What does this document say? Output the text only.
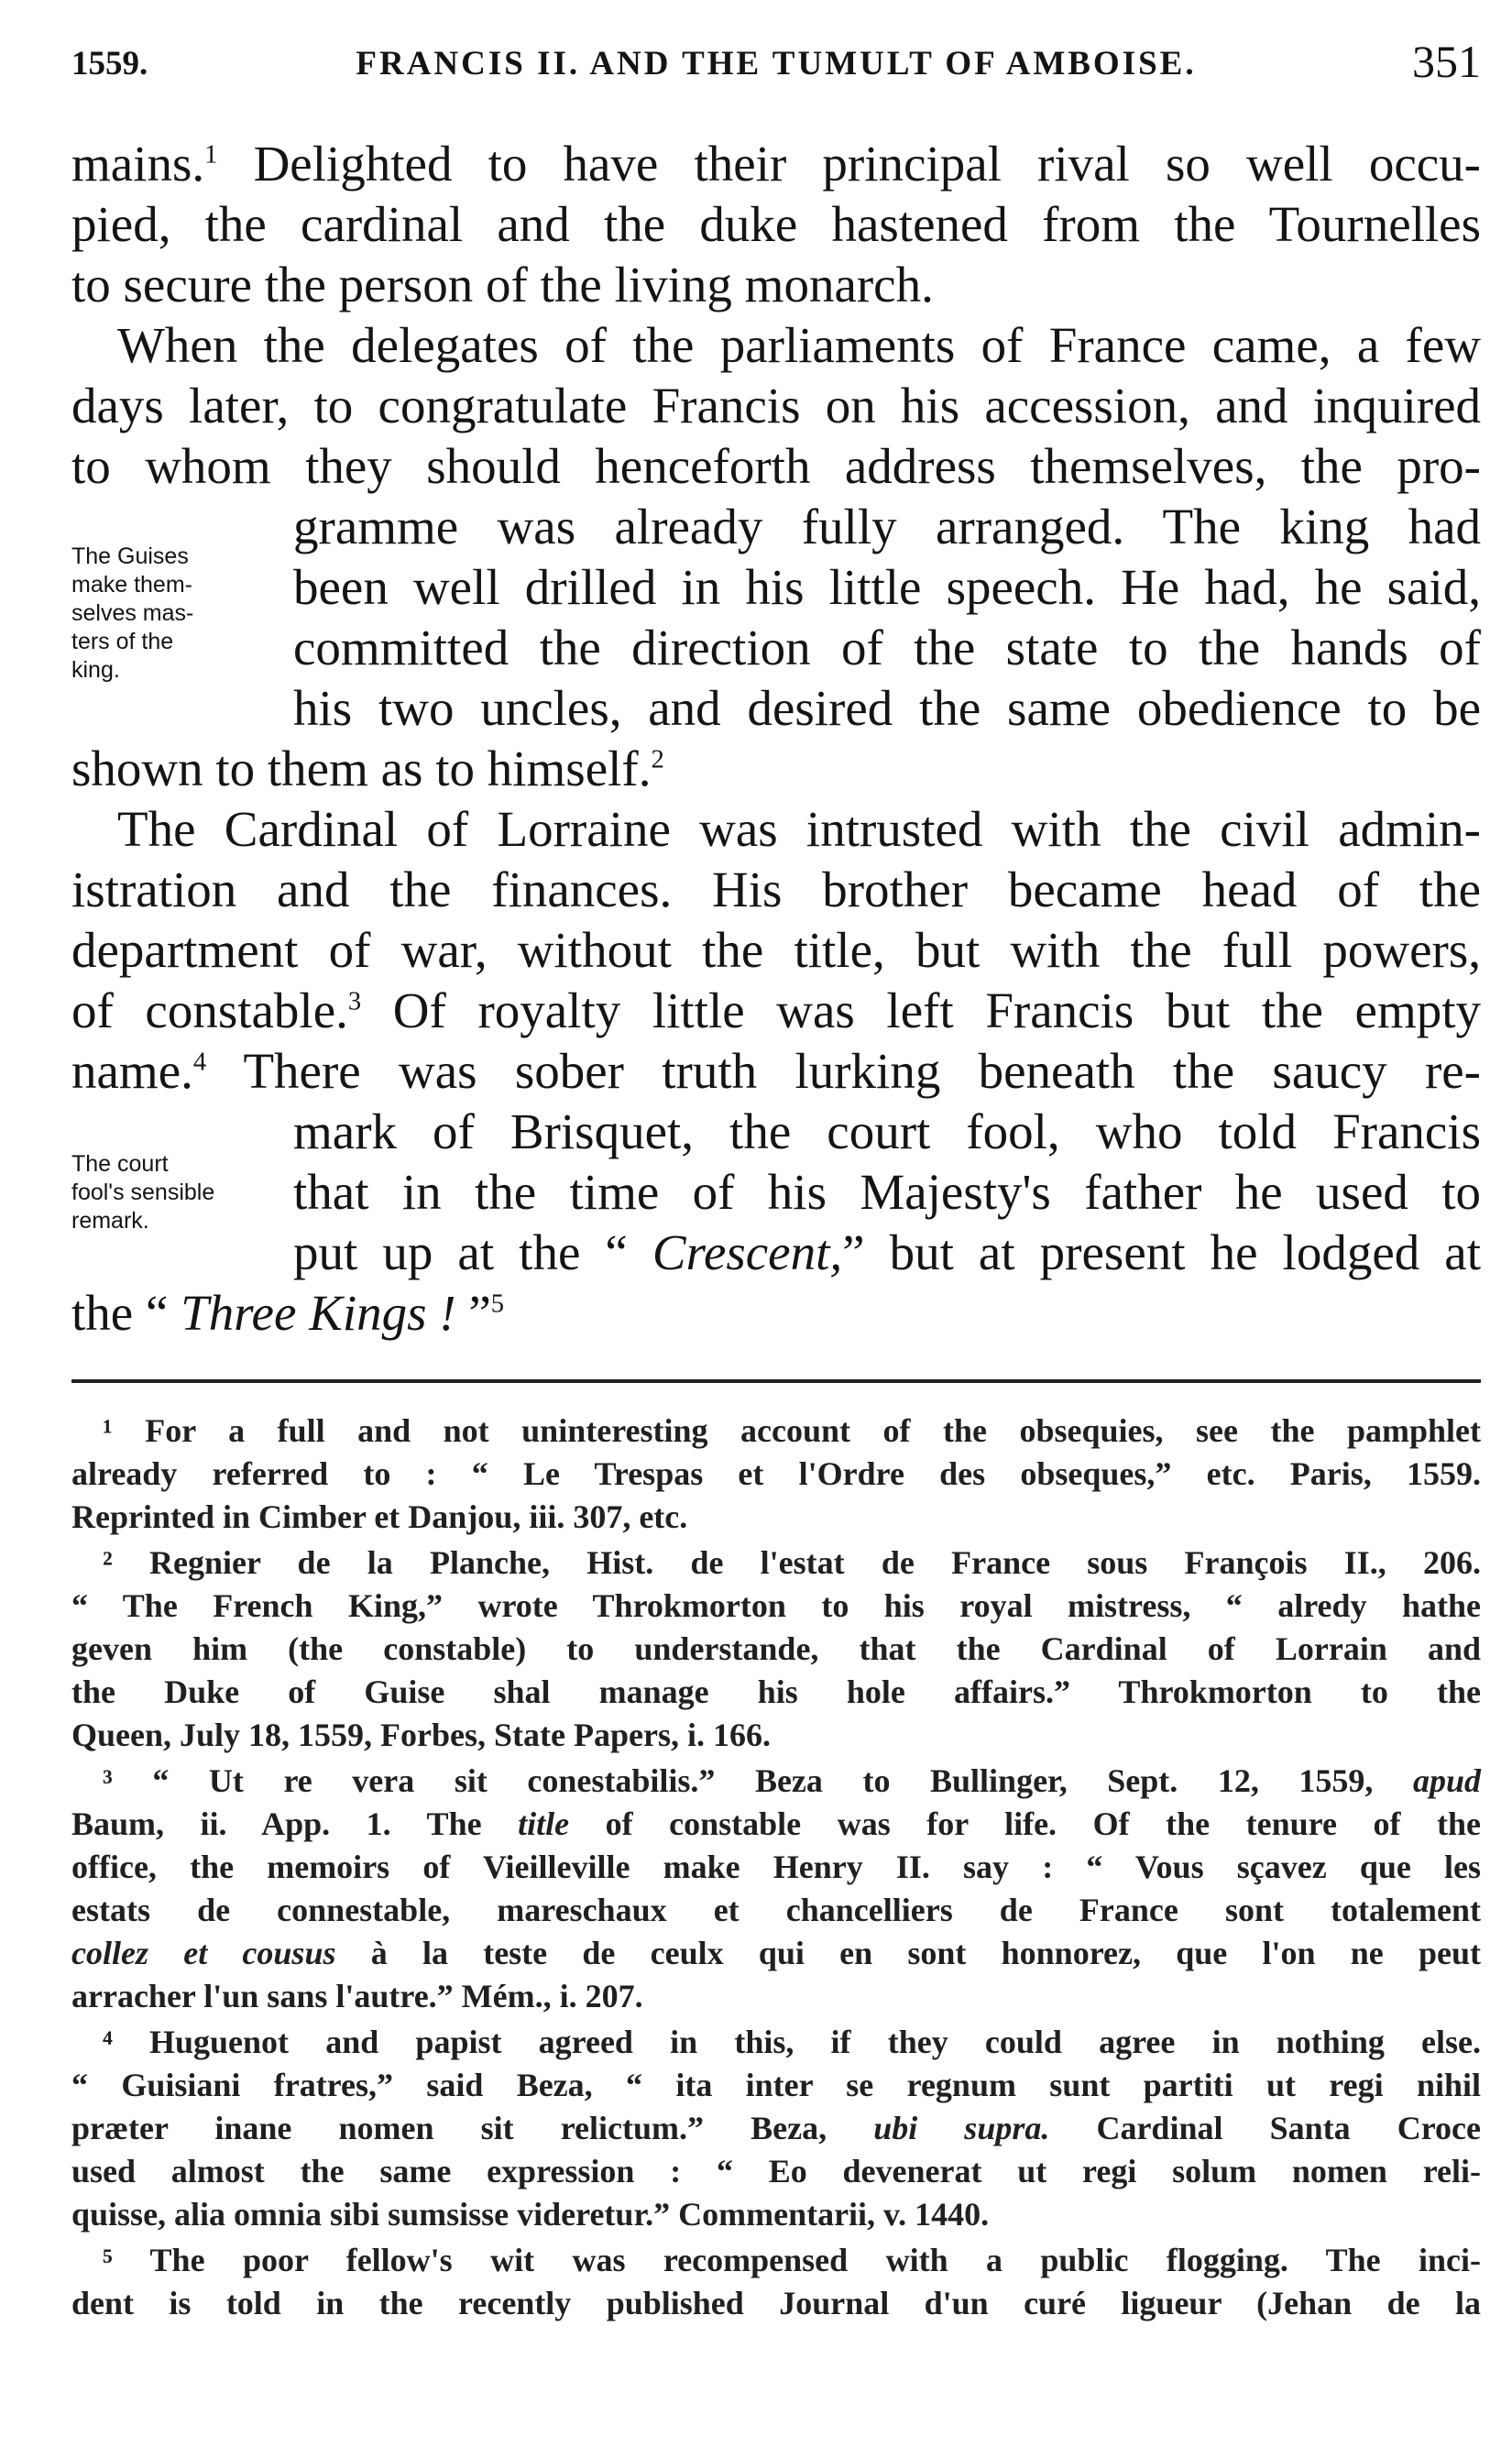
1559.	FRANCIS II. AND THE TUMULT OF AMBOISE.	351

mains.$^1$ Delighted to have their principal rival so well occu-

pied, the cardinal and the duke hastened from the Tournelles

to secure the person of the living monarch.

When the delegates of the parliaments of France came, a few

days later, to congratulate Francis on his accession, and inquired

to whom they should henceforth address themselves, the pro-

gramme was already fully arranged. The king had

been well drilled in his little speech. He had, he said,

committed the direction of the state to the hands of

his two uncles, and desired the same obedience to be

shown to them as to himself.$^2$

The Cardinal of Lorraine was intrusted with the civil admin-

istration and the finances. His brother became head of the

department of war, without the title, but with the full powers,

of constable.$^3$ Of royalty little was left Francis but the empty

name.$^4$ There was sober truth lurking beneath the saucy re-

mark of Brisquet, the court fool, who told Francis

that in the time of his Majesty's father he used to

put up at the “ Crescent,” but at present he lodged at

the “ Three Kings ! ”$^5$

The Guises
make them-
selves mas-
ters of the
king.
The court
fool's sensible
remark.

¹ For a full and not uninteresting account of the obsequies, see the pamphlet

already referred to : “ Le Trespas et l'Ordre des obseques,” etc. Paris, 1559.

Reprinted in Cimber et Danjou, iii. 307, etc.

² Regnier de la Planche, Hist. de l'estat de France sous François II., 206.

“ The French King,” wrote Throkmorton to his royal mistress, “ alredy hathe

geven him (the constable) to understande, that the Cardinal of Lorrain and

the Duke of Guise shal manage his hole affairs.” Throkmorton to the

Queen, July 18, 1559, Forbes, State Papers, i. 166.

³ “ Ut re vera sit conestabilis.” Beza to Bullinger, Sept. 12, 1559, apud

Baum, ii. App. 1. The title of constable was for life. Of the tenure of the

office, the memoirs of Vieilleville make Henry II. say : “ Vous sçavez que les

estats de connestable, mareschaux et chancelliers de France sont totalement

collez et cousus à la teste de ceulx qui en sont honnorez, que l'on ne peut

arracher l'un sans l'autre.” Mém., i. 207.

⁴ Huguenot and papist agreed in this, if they could agree in nothing else.

“ Guisiani fratres,” said Beza, “ ita inter se regnum sunt partiti ut regi nihil

præter inane nomen sit relictum.” Beza, ubi supra. Cardinal Santa Croce

used almost the same expression : “ Eo devenerat ut regi solum nomen reli-

quisse, alia omnia sibi sumsisse videretur.” Commentarii, v. 1440.

⁵ The poor fellow's wit was recompensed with a public flogging. The inci-

dent is told in the recently published Journal d'un curé ligueur (Jehan de la
